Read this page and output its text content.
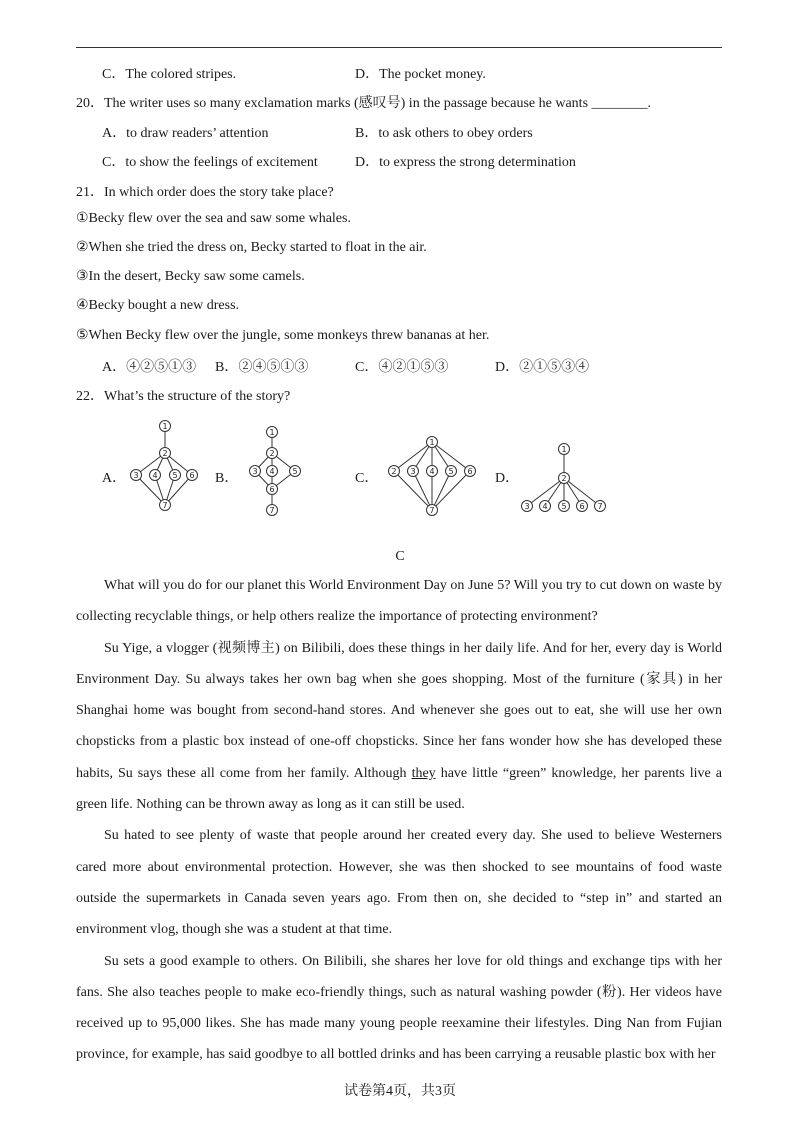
C．The colored stripes.	D．The pocket money.
20．The writer uses so many exclamation marks (感叹号) in the passage because he wants ________.
A．to draw readers’ attention	B．to ask others to obey orders
C．to show the feelings of excitement	D．to express the strong determination
21．In which order does the story take place?
①Becky flew over the sea and saw some whales.
②When she tried the dress on, Becky started to float in the air.
③In the desert, Becky saw some camels.
④Becky bought a new dress.
⑤When Becky flew over the jungle, some monkeys threw bananas at her.
A．④②⑤①③ B．②④⑤①③	C．④②①⑤③	D．②①⑤③④
22．What’s the structure of the story?
A．	B．	C．	D．
1
2
3 4 5 6
7
1
2
3 4 5
6
7
1
2 3 4 5 6
7
1
2
3 4 5 6 7
C

What will you do for our planet this World Environment Day on June 5? Will you try to cut down on waste by collecting recyclable things, or help others realize the importance of protecting environment?

Su Yige, a vlogger (视频博主) on Bilibili, does these things in her daily life. And for her, every day is World Environment Day. Su always takes her own bag when she goes shopping. Most of the furniture (家具) in her Shanghai home was bought from second-hand stores. And whenever she goes out to eat, she will use her own chopsticks from a plastic box instead of one-off chopsticks. Since her fans wonder how she has developed these habits, Su says these all come from her family. Although they have little “green” knowledge, her parents live a green life. Nothing can be thrown away as long as it can still be used.

Su hated to see plenty of waste that people around her created every day. She used to believe Westerners cared more about environmental protection. However, she was then shocked to see mountains of food waste outside the supermarkets in Canada seven years ago. From then on, she decided to “step in” and started an environment vlog, though she was a student at that time.

Su sets a good example to others. On Bilibili, she shares her love for old things and exchange tips with her fans. She also teaches people to make eco-friendly things, such as natural washing powder (粉). Her videos have received up to 95,000 likes. She has made many young people reexamine their lifestyles. Ding Nan from Fujian province, for example, has said goodbye to all bottled drinks and has been carrying a reusable plastic box with her

试卷第4页，共3页
